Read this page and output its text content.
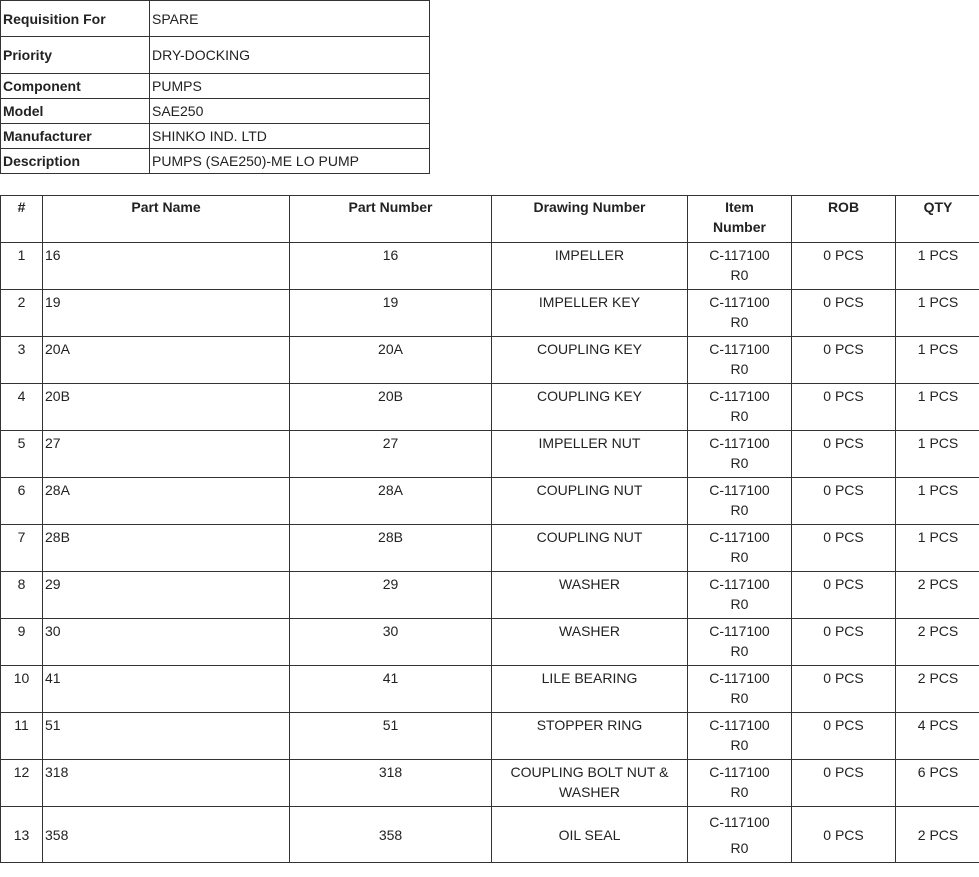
Requisition For	SPARE
Priority	DRY-DOCKING
Component	PUMPS
Model	SAE250
Manufacturer	SHINKO IND. LTD
Description	PUMPS (SAE250)-ME LO PUMP
#	Part Name	Part Number	Drawing Number	Item Number	ROB	QTY
1	16	16	IMPELLER	C-117100R0	0 PCS	1 PCS
2	19	19	IMPELLER KEY	C-117100R0	0 PCS	1 PCS
3	20A	20A	COUPLING KEY	C-117100R0	0 PCS	1 PCS
4	20B	20B	COUPLING KEY	C-117100R0	0 PCS	1 PCS
5	27	27	IMPELLER NUT	C-117100R0	0 PCS	1 PCS
6	28A	28A	COUPLING NUT	C-117100R0	0 PCS	1 PCS
7	28B	28B	COUPLING NUT	C-117100R0	0 PCS	1 PCS
8	29	29	WASHER	C-117100R0	0 PCS	2 PCS
9	30	30	WASHER	C-117100R0	0 PCS	2 PCS
10	41	41	LILE BEARING	C-117100R0	0 PCS	2 PCS
11	51	51	STOPPER RING	C-117100R0	0 PCS	4 PCS
12	318	318	COUPLING BOLT NUT & WASHER	C-117100R0	0 PCS	6 PCS
13	358	358	OIL SEAL	C-117100R0	0 PCS	2 PCS
